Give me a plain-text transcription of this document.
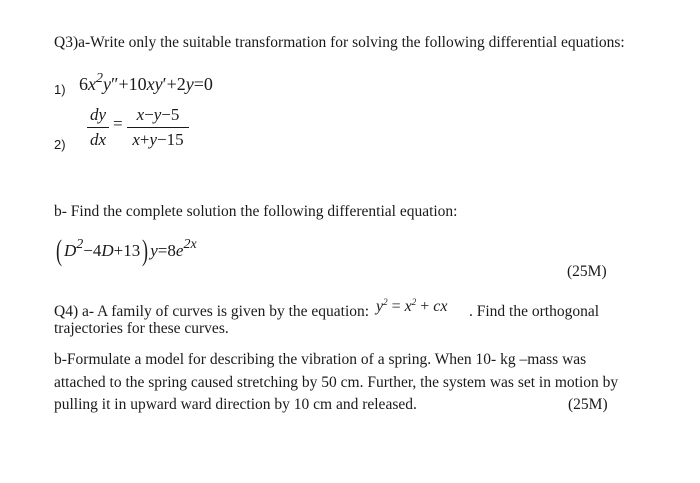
Q3)a-Write only the suitable transformation for solving the following differential equations:
1) $6x^2y''+10xy'+2y=0$
2)
dy
dx
= x−y−5
x+y−15
b- Find the complete solution the following differential equation:
( $D^2-4D+13$) $y=8e^{2x}$
(25M)
Q4) a- A family of curves is given by the equation: $y^2 = x^2$ + cx . Find the orthogonal
trajectories for these curves.
b-Formulate a model for describing the vibration of a spring. When 10- kg –mass was
attached to the spring caused stretching by 50 cm. Further, the system was set in motion by
pulling it in upward ward direction by 10 cm and released.	(25M)
